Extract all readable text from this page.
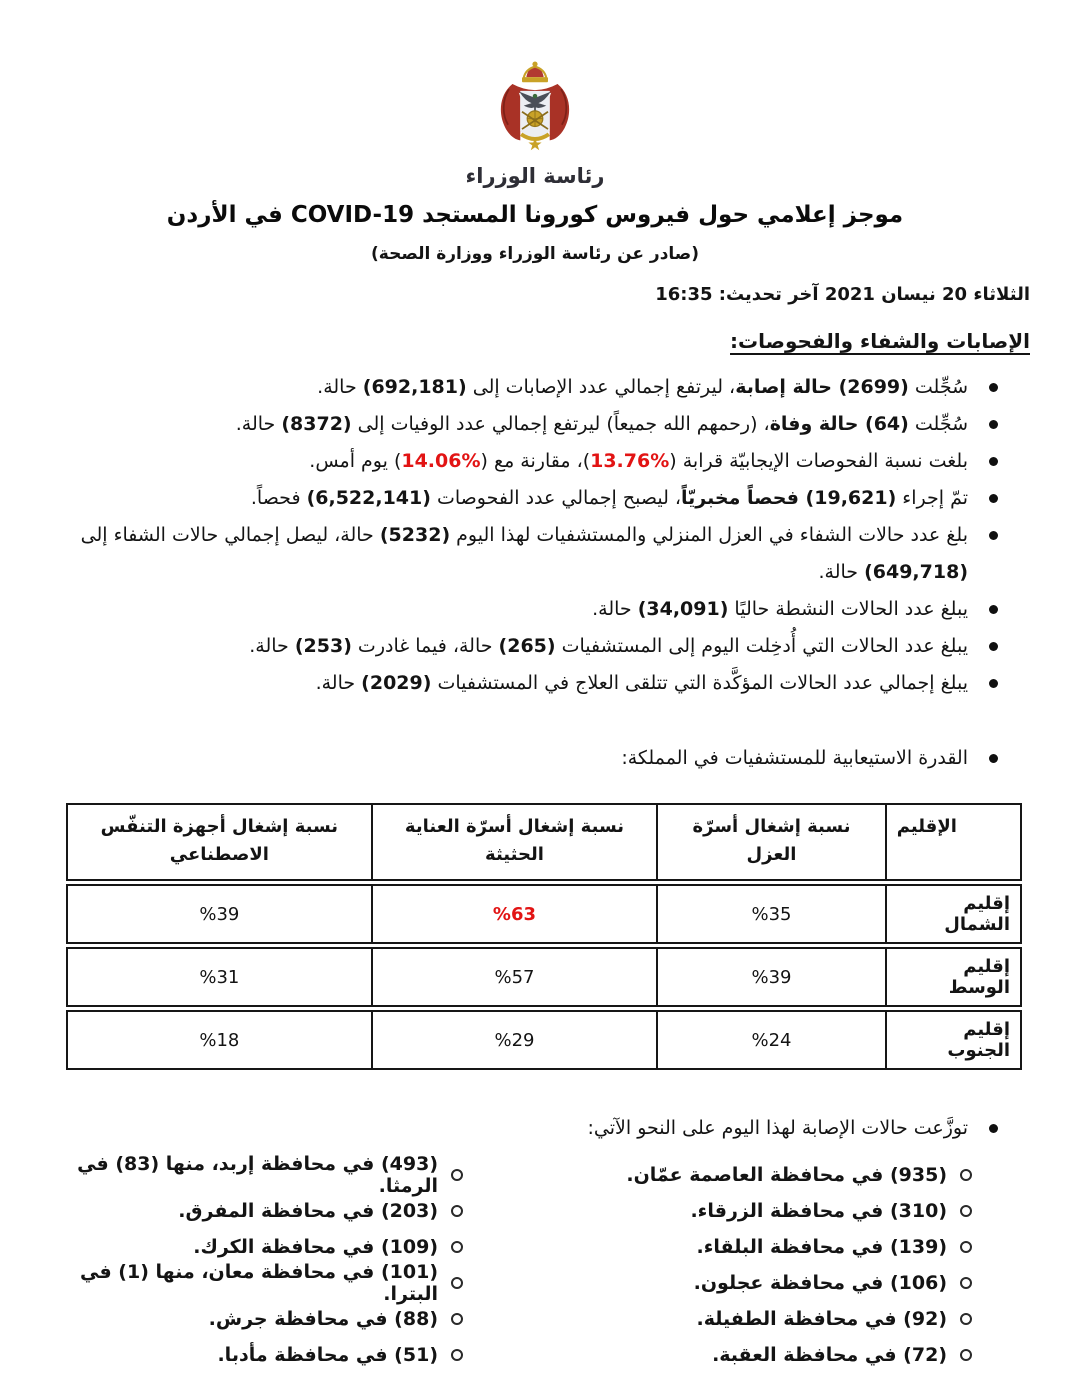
رئاسة الوزراء
موجز إعلامي حول فيروس كورونا المستجد COVID-19 في الأردن
(صادر عن رئاسة الوزراء ووزارة الصحة)
الثلاثاء 20 نيسان 2021 آخر تحديث: 16:35
الإصابات والشفاء والفحوصات:
سُجِّلت (2699) حالة إصابة، ليرتفع إجمالي عدد الإصابات إلى (692,181) حالة.
سُجِّلت (64) حالة وفاة، (رحمهم الله جميعاً) ليرتفع إجمالي عدد الوفيات إلى (8372) حالة.
بلغت نسبة الفحوصات الإيجابيّة قرابة (%13.76)، مقارنة مع (%14.06) يوم أمس.
تمّ إجراء (19,621) فحصاً مخبريّاً، ليصبح إجمالي عدد الفحوصات (6,522,141) فحصاً.
بلغ عدد حالات الشفاء في العزل المنزلي والمستشفيات لهذا اليوم (5232) حالة، ليصل إجمالي حالات الشفاء إلى (649,718) حالة.
يبلغ عدد الحالات النشطة حاليًا (34,091) حالة.
يبلغ عدد الحالات التي أُدخِلت اليوم إلى المستشفيات (265) حالة، فيما غادرت (253) حالة.
يبلغ إجمالي عدد الحالات المؤكَّدة التي تتلقى العلاج في المستشفيات (2029) حالة.
القدرة الاستيعابية للمستشفيات في المملكة:
الإقليم
نسبة إشغال أسرّة العزل
نسبة إشغال أسرّة العناية الحثيثة
نسبة إشغال أجهزة التنفّس الاصطناعي
إقليم الشمال
%35
%63
%39
إقليم الوسط
%39
%57
%31
إقليم الجنوب
%24
%29
%18
توزَّعت حالات الإصابة لهذا اليوم على النحو الآتي:
(935) في محافظة العاصمة عمّان.
(310) في محافظة الزرقاء.
(139) في محافظة البلقاء.
(106) في محافظة عجلون.
(92) في محافظة الطفيلة.
(72) في محافظة العقبة.
(493) في محافظة إربد، منها (83) في الرمثا.
(203) في محافظة المفرق.
(109) في محافظة الكرك.
(101) في محافظة معان، منها (1) في البترا.
(88) في محافظة جرش.
(51) في محافظة مأدبا.
